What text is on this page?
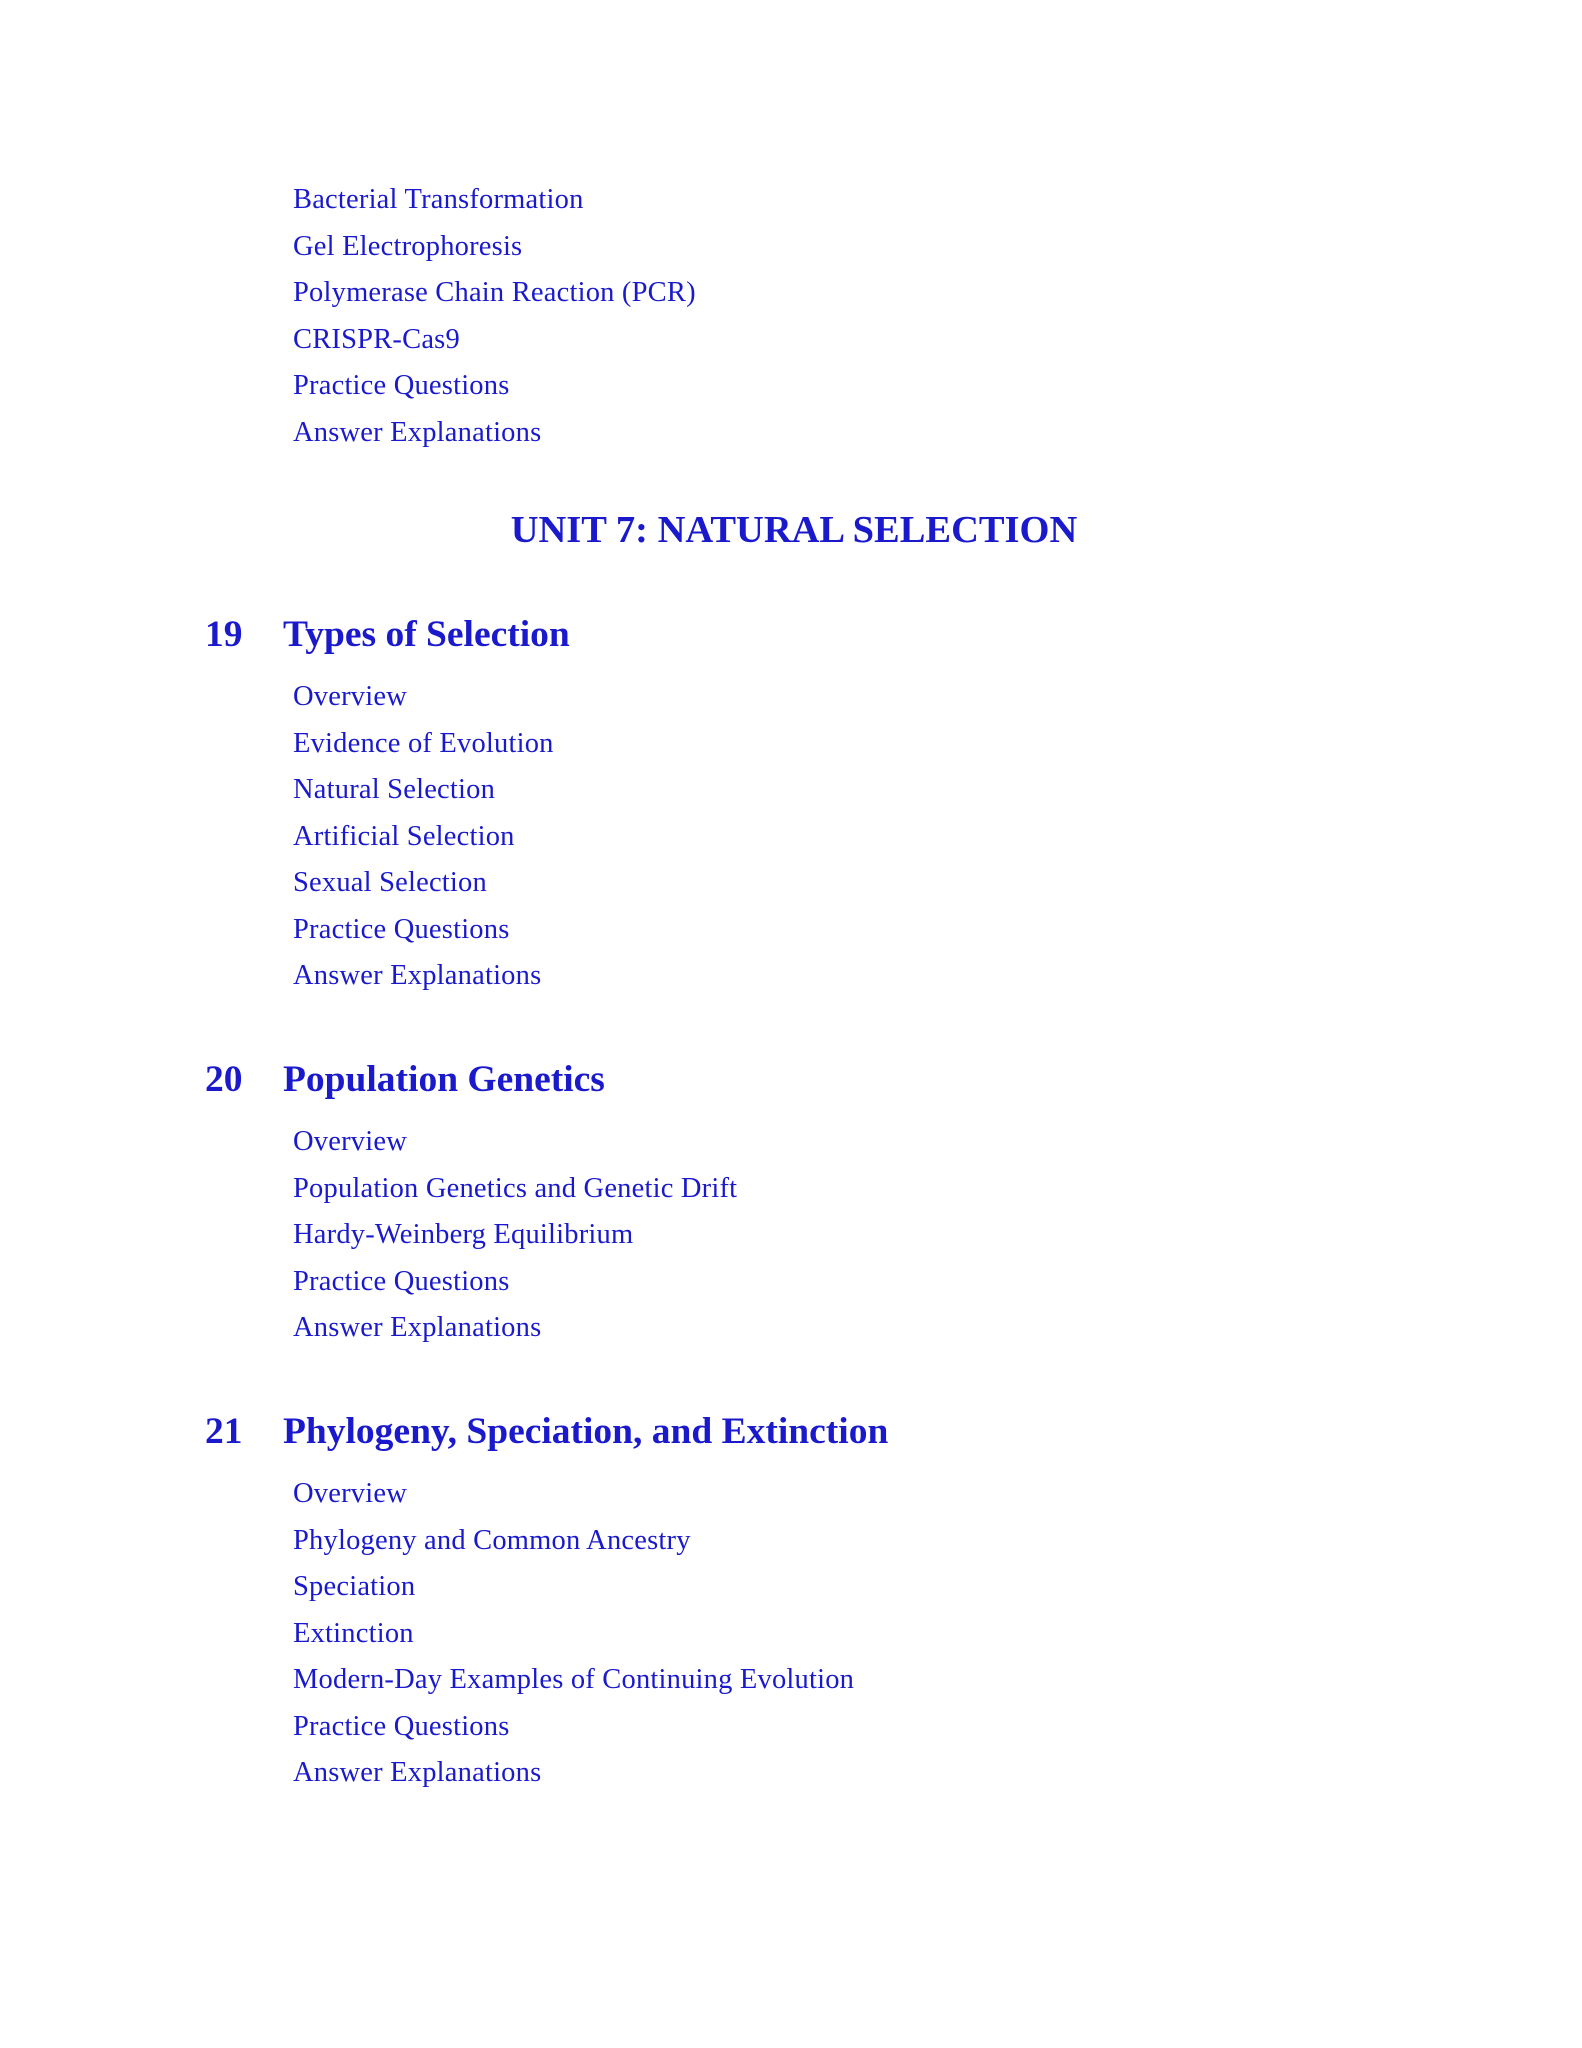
Bacterial Transformation
Gel Electrophoresis
Polymerase Chain Reaction (PCR)
CRISPR-Cas9
Practice Questions
Answer Explanations
UNIT 7: NATURAL SELECTION
19 Types of Selection
Overview
Evidence of Evolution
Natural Selection
Artificial Selection
Sexual Selection
Practice Questions
Answer Explanations
20 Population Genetics
Overview
Population Genetics and Genetic Drift
Hardy-Weinberg Equilibrium
Practice Questions
Answer Explanations
21 Phylogeny, Speciation, and Extinction
Overview
Phylogeny and Common Ancestry
Speciation
Extinction
Modern-Day Examples of Continuing Evolution
Practice Questions
Answer Explanations
